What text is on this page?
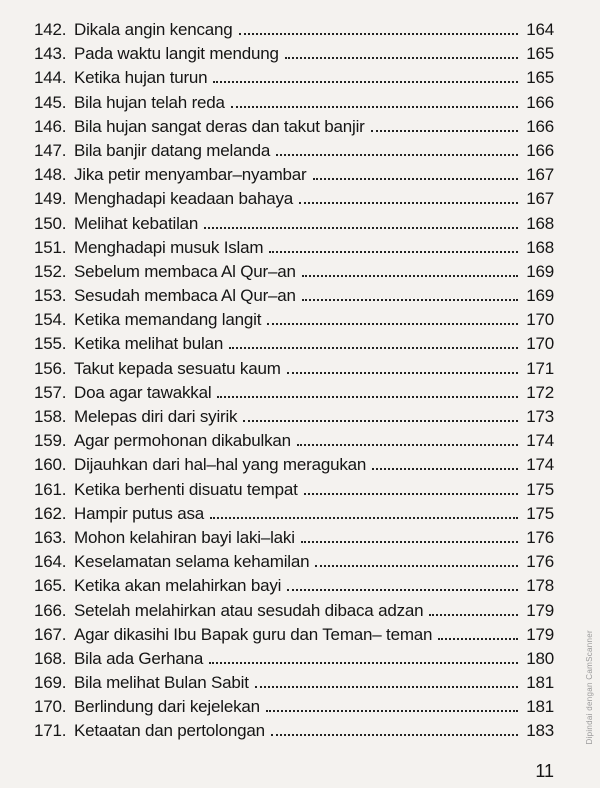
142. Dikala angin kencang	164
143. Pada waktu langit mendung	165
144. Ketika hujan turun	165
145. Bila hujan telah reda	166
146. Bila hujan sangat deras dan takut banjir	166
147. Bila banjir datang melanda	166
148. Jika petir menyambar–nyambar	167
149. Menghadapi keadaan bahaya	167
150. Melihat kebatilan	168
151. Menghadapi musuk Islam	168
152. Sebelum membaca Al Qur–an	169
153. Sesudah membaca Al Qur–an	169
154. Ketika memandang langit	170
155. Ketika melihat bulan	170
156. Takut kepada sesuatu kaum	171
157. Doa agar tawakkal	172
158. Melepas diri dari syirik	173
159. Agar permohonan dikabulkan	174
160. Dijauhkan dari hal–hal yang meragukan	174
161. Ketika berhenti disuatu tempat	175
162. Hampir putus asa	175
163. Mohon kelahiran bayi laki–laki	176
164. Keselamatan selama kehamilan	176
165. Ketika akan melahirkan bayi	178
166. Setelah melahirkan atau sesudah dibaca adzan	179
167. Agar dikasihi Ibu Bapak guru dan Teman– teman	179
168. Bila ada Gerhana	180
169. Bila melihat Bulan Sabit	181
170. Berlindung dari kejelekan	181
171. Ketaatan dan pertolongan	183
11
Dipindai dengan CamScanner
